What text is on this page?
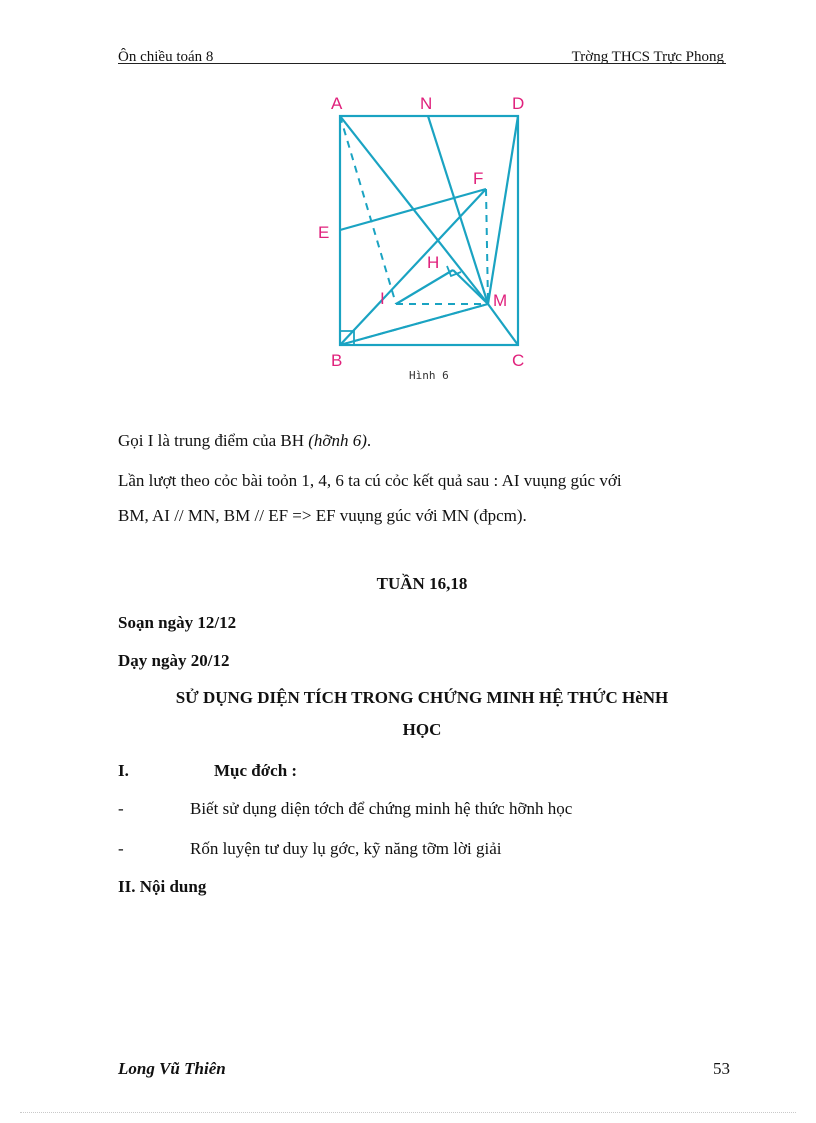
Ôn chiều toán 8	Trờng THCS Trực Phong
A	N	D
E
F
H
I	M
B	C
Hình 6
Gọi I là trung điểm của BH (hỡnh 6).
Lần lượt theo cỏc bài toỏn 1, 4, 6 ta cú cỏc kết quả sau : AI vuụng gúc với
BM, AI // MN, BM // EF => EF vuụng gúc với MN (đpcm).
TUẦN 16,18
Soạn ngày 12/12
Dạy ngày 20/12
SỬ DỤNG DIỆN TÍCH TRONG CHỨNG MINH HỆ THỨC HèNH
HỌC
I.	Mục đớch :
-	Biết sử dụng diện tớch để chứng minh hệ thức hỡnh học
-	Rốn luyện tư duy lụ gớc, kỹ năng tỡm lời giải
II. Nội dung
Long Vũ Thiên	53
